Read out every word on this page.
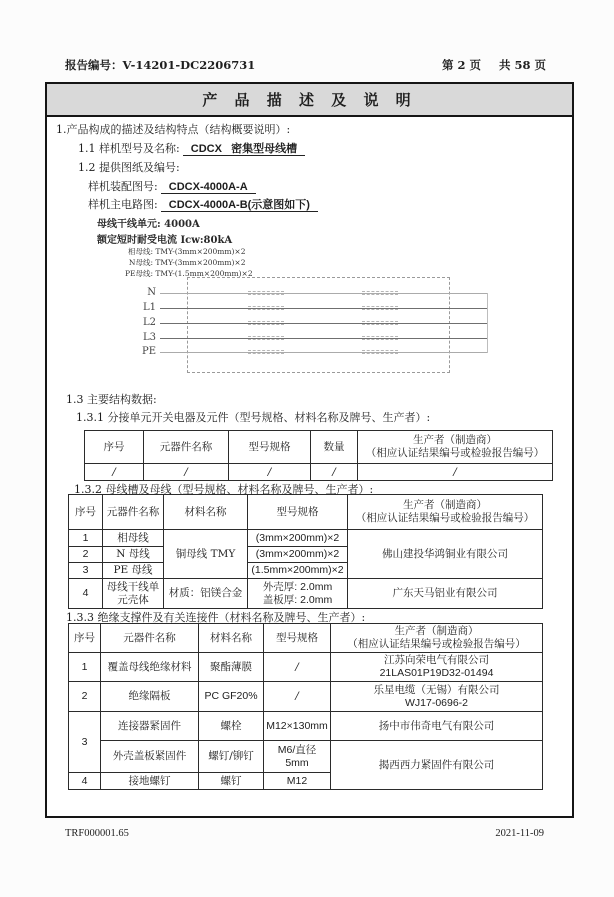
报告编号：V-14201-DC2206731	第 2 页 共 58 页
产 品 描 述 及 说 明
1.产品构成的描述及结构特点（结构概要说明）:
1.1 样机型号及名称: CDCX   密集型母线槽
1.2 提供图纸及编号:
样机装配图号: CDCX-4000A-A
样机主电路图: CDCX-4000A-B(示意图如下)
母线干线单元: 4000A
额定短时耐受电流 Icw:80kA
相母线: TMY-(3mm×200mm)×2
N母线: TMY-(3mm×200mm)×2
PE母线: TMY-(1.5mm×200mm)×2
N
L1
L2
L3
PE
1.3 主要结构数据:
1.3.1 分接单元开关电器及元件（型号规格、材料名称及牌号、生产者）:
序号	元器件名称	型号规格	数量	生产者（制造商）
（相应认证结果编号或检验报告编号）

/	/	/	/	/
1.3.2 母线槽及母线（型号规格、材料名称及牌号、生产者）:
序号	元器件名称	材料名称	型号规格	生产者（制造商）
（相应认证结果编号或检验报告编号）

1	相母线	铜母线 TMY	(3mm×200mm)×2	佛山建投华鸿铜业有限公司
2	N 母线		(3mm×200mm)×2	
3	PE 母线		(1.5mm×200mm)×2	
4	母线干线单元壳体	材质：铝镁合金	外壳厚: 2.0mm
盖板厚: 2.0mm	广东天马铝业有限公司
1.3.3 绝缘支撑件及有关连接件（材料名称及牌号、生产者）:
序号	元器件名称	材料名称	型号规格	生产者（制造商）
（相应认证结果编号或检验报告编号）

1	覆盖母线绝缘材料	聚酯薄膜	/	江苏向荣电气有限公司
21LAS01P19D32-01494

2	绝缘隔板	PC GF20%	/	乐星电缆（无锡）有限公司
WJ17-0696-2

3	连接器紧固件	螺栓	M12×130mm	扬中市伟奇电气有限公司
	外壳盖板紧固件	螺钉/铆钉	M6/直径 5mm	揭西西力紧固件有限公司
4	接地螺钉	螺钉	M12	
TRF000001.65	2021-11-09
